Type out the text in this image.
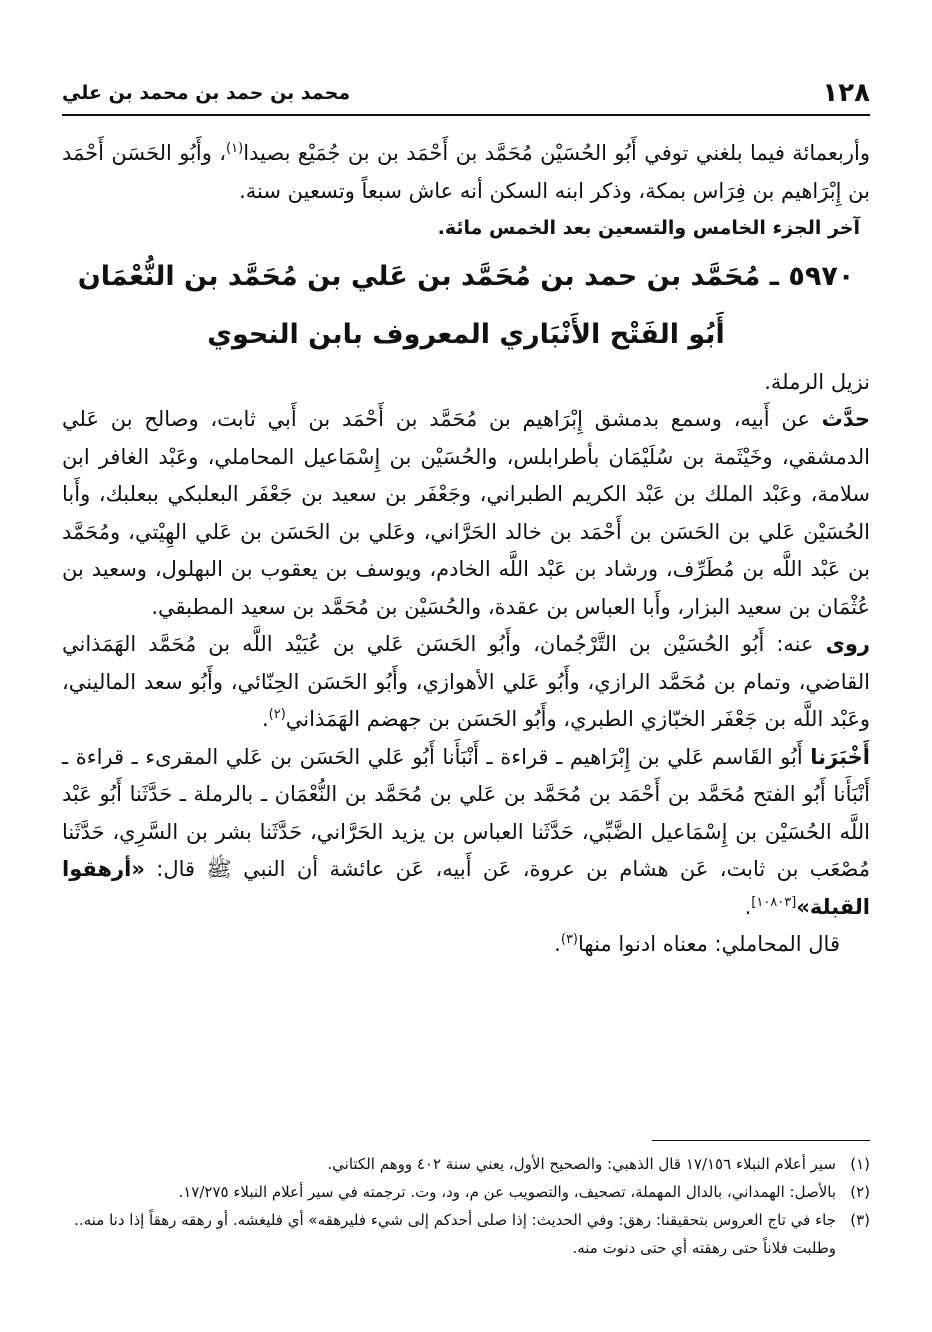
١٢٨
محمد بن حمد بن محمد بن علي

وأربعمائة فيما بلغني توفي أَبُو الحُسَيْن مُحَمَّد بن أَحْمَد بن بن جُمَيْع بصيدا$^{(١)}$، وأَبُو الحَسَن أَحْمَد بن إِبْرَاهيم بن فِرَاس بمكة، وذكر ابنه السكن أنه عاش سبعاً وتسعين سنة.

آخر الجزء الخامس والتسعين بعد الخمس مائة.

٥٩٧٠ ـ مُحَمَّد بن حمد بن مُحَمَّد بن عَلي بن مُحَمَّد بن النُّعْمَان

أَبُو الفَتْح الأَنْبَاري المعروف بابن النحوي

نزيل الرملة.

حدَّث عن أَبيه، وسمع بدمشق إِبْرَاهيم بن مُحَمَّد بن أَحْمَد بن أَبي ثابت، وصالح بن عَلي الدمشقي، وخَيْثَمة بن سُلَيْمَان بأطرابلس، والحُسَيْن بن إِسْمَاعيل المحاملي، وعَبْد الغافر ابن سلامة، وعَبْد الملك بن عَبْد الكريم الطبراني، وجَعْفَر بن سعيد بن جَعْفَر البعلبكي ببعلبك، وأَبا الحُسَيْن عَلي بن الحَسَن بن أَحْمَد بن خالد الحَرَّاني، وعَلي بن الحَسَن بن عَلي الهِيْتي، ومُحَمَّد بن عَبْد اللَّه بن مُطَرِّف، ورشاد بن عَبْد اللَّه الخادم، ويوسف بن يعقوب بن البهلول، وسعيد بن عُثْمَان بن سعيد البزار، وأَبا العباس بن عقدة، والحُسَيْن بن مُحَمَّد بن سعيد المطبقي.

روى عنه: أَبُو الحُسَيْن بن التَّرْجُمان، وأَبُو الحَسَن عَلي بن عُبَيْد اللَّه بن مُحَمَّد الهَمَذاني القاضي، وتمام بن مُحَمَّد الرازي، وأَبُو عَلي الأهوازي، وأَبُو الحَسَن الحِنّائي، وأَبُو سعد الماليني، وعَبْد اللَّه بن جَعْفَر الخبّازي الطبري، وأَبُو الحَسَن بن جهضم الهَمَذاني$^{(٢)}$.

أَخْبَرَنا أَبُو القَاسم عَلي بن إِبْرَاهيم ـ قراءة ـ أَنْبَأَنا أَبُو عَلي الحَسَن بن عَلي المقرىء ـ قراءة ـ أَنْبَأَنا أَبُو الفتح مُحَمَّد بن أَحْمَد بن مُحَمَّد بن عَلي بن مُحَمَّد بن النُّعْمَان ـ بالرملة ـ حَدَّثَنا أَبُو عَبْد اللَّه الحُسَيْن بن إِسْمَاعيل الضَّبِّي، حَدَّثَنا العباس بن يزيد الحَرَّاني، حَدَّثَنا بشر بن السَّرِي، حَدَّثَنا مُصْعَب بن ثابت، عَن هشام بن عروة، عَن أَبيه، عَن عائشة أن النبي ﷺ قال: «أرهقوا القبلة»[١٠٨٠٣].

قال المحاملي: معناه ادنوا منها$^{(٣)}$.

(١)
سير أعلام النبلاء ١٧/١٥٦ قال الذهبي: والصحيح الأول، يعني سنة ٤٠٢ ووهم الكتاني.

(٢)
بالأصل: الهمداني، بالدال المهملة، تصحيف، والتصويب عن م، ود، وت. ترجمته في سير أعلام النبلاء ١٧/٢٧٥.

(٣)
جاء في تاج العروس بتحقيقنا: رهق: وفي الحديث: إذا صلى أحدكم إلى شيء فليرهقه» أي فليغشه. أو رهقه رهقاً إذا دنا منه.. وطلبت فلاناً حتى رهقته أي حتى دنوت منه.
